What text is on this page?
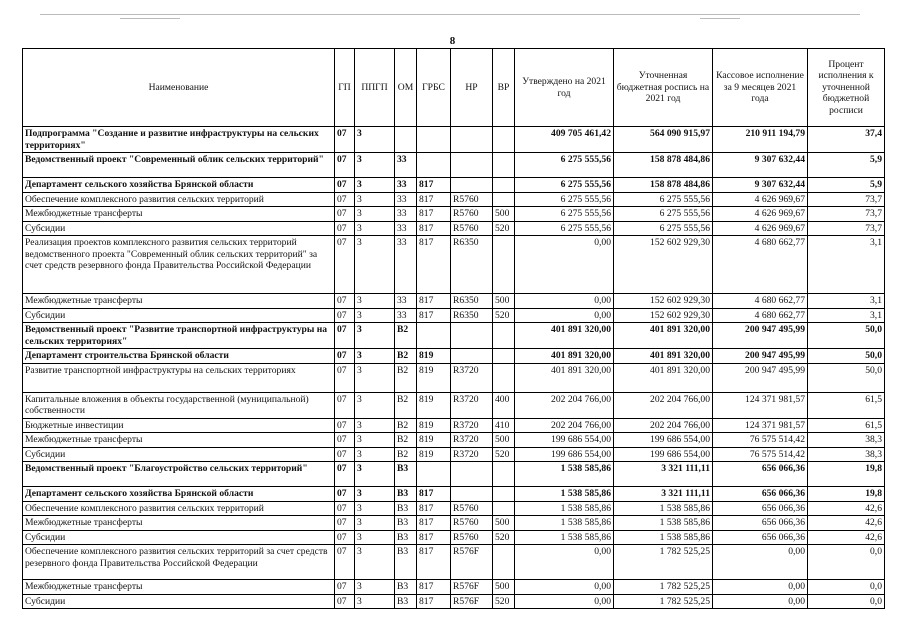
8
Наименование	ГП	ППГП	ОМ	ГРБС	НР	ВР	Утверждено на 2021 год	Уточненная бюджетная роспись на 2021 год	Кассовое исполнение за 9 месяцев 2021 года	Процент исполнения к уточненной бюджетной росписи
Подпрограмма "Создание и развитие инфраструктуры на сельских территориях"	07	3					409 705 461,42	564 090 915,97	210 911 194,79	37,4
Ведомственный проект "Современный облик сельских территорий"	07	3	33				6 275 555,56	158 878 484,86	9 307 632,44	5,9
Департамент сельского хозяйства Брянской области	07	3	33	817			6 275 555,56	158 878 484,86	9 307 632,44	5,9
Обеспечение комплексного развития сельских территорий	07	3	33	817	R5760		6 275 555,56	6 275 555,56	4 626 969,67	73,7
Межбюджетные трансферты	07	3	33	817	R5760	500	6 275 555,56	6 275 555,56	4 626 969,67	73,7
Субсидии	07	3	33	817	R5760	520	6 275 555,56	6 275 555,56	4 626 969,67	73,7
Реализация проектов комплексного развития сельских территорий ведомственного проекта "Современный облик сельских территорий" за счет средств резервного фонда Правительства Российской Федерации	07	3	33	817	R6350		0,00	152 602 929,30	4 680 662,77	3,1
Межбюджетные трансферты	07	3	33	817	R6350	500	0,00	152 602 929,30	4 680 662,77	3,1
Субсидии	07	3	33	817	R6350	520	0,00	152 602 929,30	4 680 662,77	3,1
Ведомственный проект "Развитие транспортной инфраструктуры на сельских территориях"	07	3	В2				401 891 320,00	401 891 320,00	200 947 495,99	50,0
Департамент строительства Брянской области	07	3	В2	819			401 891 320,00	401 891 320,00	200 947 495,99	50,0
Развитие транспортной инфраструктуры на сельских территориях	07	3	В2	819	R3720		401 891 320,00	401 891 320,00	200 947 495,99	50,0
Капитальные вложения в объекты государственной (муниципальной) собственности	07	3	В2	819	R3720	400	202 204 766,00	202 204 766,00	124 371 981,57	61,5
Бюджетные инвестиции	07	3	В2	819	R3720	410	202 204 766,00	202 204 766,00	124 371 981,57	61,5
Межбюджетные трансферты	07	3	В2	819	R3720	500	199 686 554,00	199 686 554,00	76 575 514,42	38,3
Субсидии	07	3	В2	819	R3720	520	199 686 554,00	199 686 554,00	76 575 514,42	38,3
Ведомственный проект "Благоустройство сельских территорий"	07	3	В3				1 538 585,86	3 321 111,11	656 066,36	19,8
Департамент сельского хозяйства Брянской области	07	3	В3	817			1 538 585,86	3 321 111,11	656 066,36	19,8
Обеспечение комплексного развития сельских территорий	07	3	В3	817	R5760		1 538 585,86	1 538 585,86	656 066,36	42,6
Межбюджетные трансферты	07	3	В3	817	R5760	500	1 538 585,86	1 538 585,86	656 066,36	42,6
Субсидии	07	3	В3	817	R5760	520	1 538 585,86	1 538 585,86	656 066,36	42,6
Обеспечение комплексного развития сельских территорий за счет средств резервного фонда Правительства Российской Федерации	07	3	В3	817	R576F		0,00	1 782 525,25	0,00	0,0
Межбюджетные трансферты	07	3	В3	817	R576F	500	0,00	1 782 525,25	0,00	0,0
Субсидии	07	3	В3	817	R576F	520	0,00	1 782 525,25	0,00	0,0
